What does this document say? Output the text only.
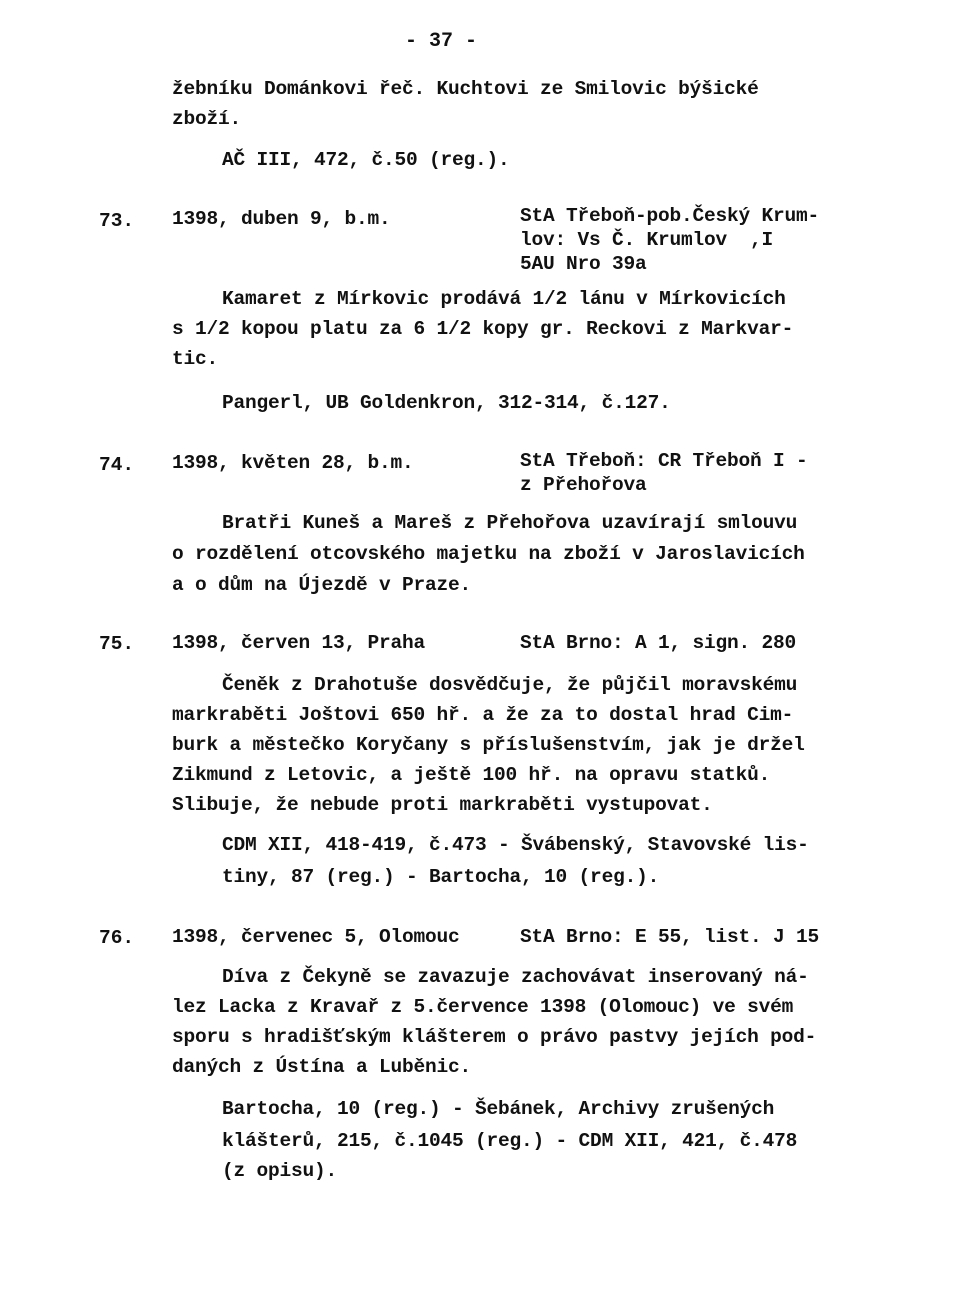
- 37 -
žebníku Dománkovi řeč. Kuchtovi ze Smilovic býšické
zboží.
AČ III, 472, č.50 (reg.).
73. 1398, duben 9, b.m.	StA Třeboň-pob.Český Krum-
lov: Vs Č. Krumlov  ,I
5AU Nro 39a
Kamaret z Mírkovic prodává 1/2 lánu v Mírkovicích
s 1/2 kopou platu za 6 1/2 kopy gr. Reckovi z Markvar-
tic.
Pangerl, UB Goldenkron, 312-314, č.127.
74. 1398, květen 28, b.m.	StA Třeboň: CR Třeboň I -
z Přehořova
Bratři Kuneš a Mareš z Přehořova uzavírají smlouvu
o rozdělení otcovského majetku na zboží v Jaroslavicích
a o dům na Újezdě v Praze.
75. 1398, červen 13, Praha	StA Brno: A 1, sign. 280
Čeněk z Drahotuše dosvědčuje, že půjčil moravskému
markraběti Joštovi 650 hř. a že za to dostal hrad Cim-
burk a městečko Koryčany s příslušenstvím, jak je držel
Zikmund z Letovic, a ještě 100 hř. na opravu statků.
Slibuje, že nebude proti markraběti vystupovat.
CDM XII, 418-419, č.473 - Švábenský, Stavovské lis-
tiny, 87 (reg.) - Bartocha, 10 (reg.).
76. 1398, červenec 5, Olomouc	StA Brno: E 55, list. J 15
Díva z Čekyně se zavazuje zachovávat inserovaný ná-
lez Lacka z Kravař z 5.července 1398 (Olomouc) ve svém
sporu s hradišťským klášterem o právo pastvy jejích pod-
daných z Ústína a Luběnic.
Bartocha, 10 (reg.) - Šebánek, Archivy zrušených
klášterů, 215, č.1045 (reg.) - CDM XII, 421, č.478
(z opisu).
